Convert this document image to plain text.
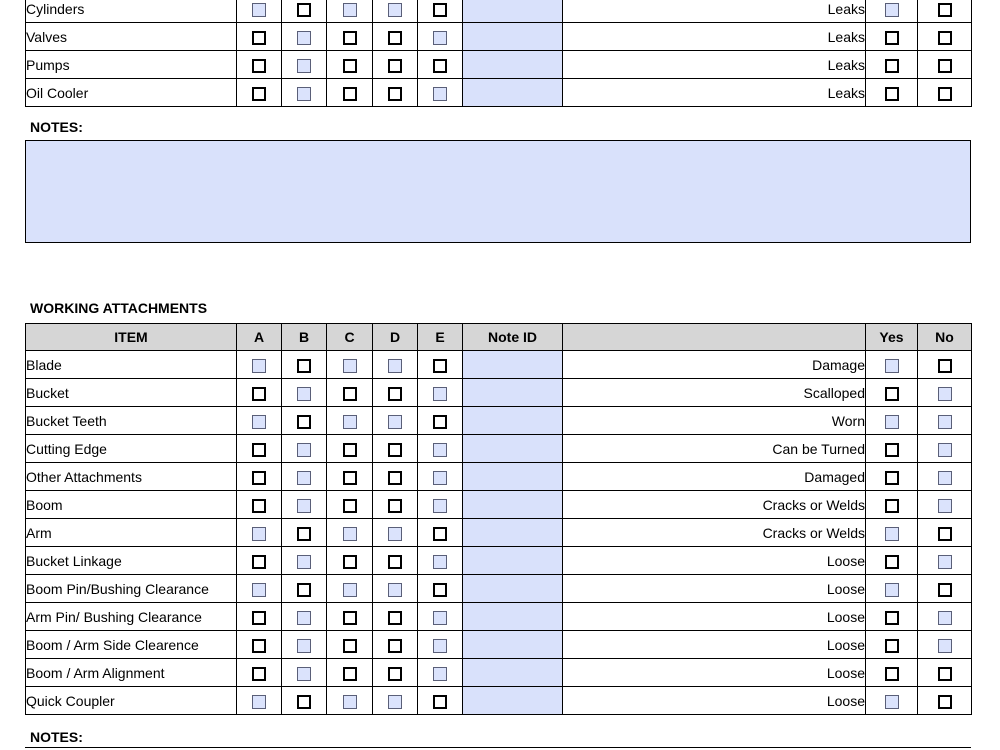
Cylinders							Leaks		
Valves							Leaks		
Pumps							Leaks		
Oil Cooler							Leaks		
NOTES:
WORKING ATTACHMENTS
ITEM	A	B	C	D	E	Note ID		Yes	No
Blade							Damage		
Bucket							Scalloped		
Bucket Teeth							Worn		
Cutting Edge							Can be Turned		
Other Attachments							Damaged		
Boom							Cracks or Welds		
Arm							Cracks or Welds		
Bucket Linkage							Loose		
Boom Pin/Bushing Clearance							Loose		
Arm Pin/ Bushing Clearance							Loose		
Boom / Arm Side Clearence							Loose		
Boom / Arm Alignment							Loose		
Quick Coupler							Loose		
NOTES:
